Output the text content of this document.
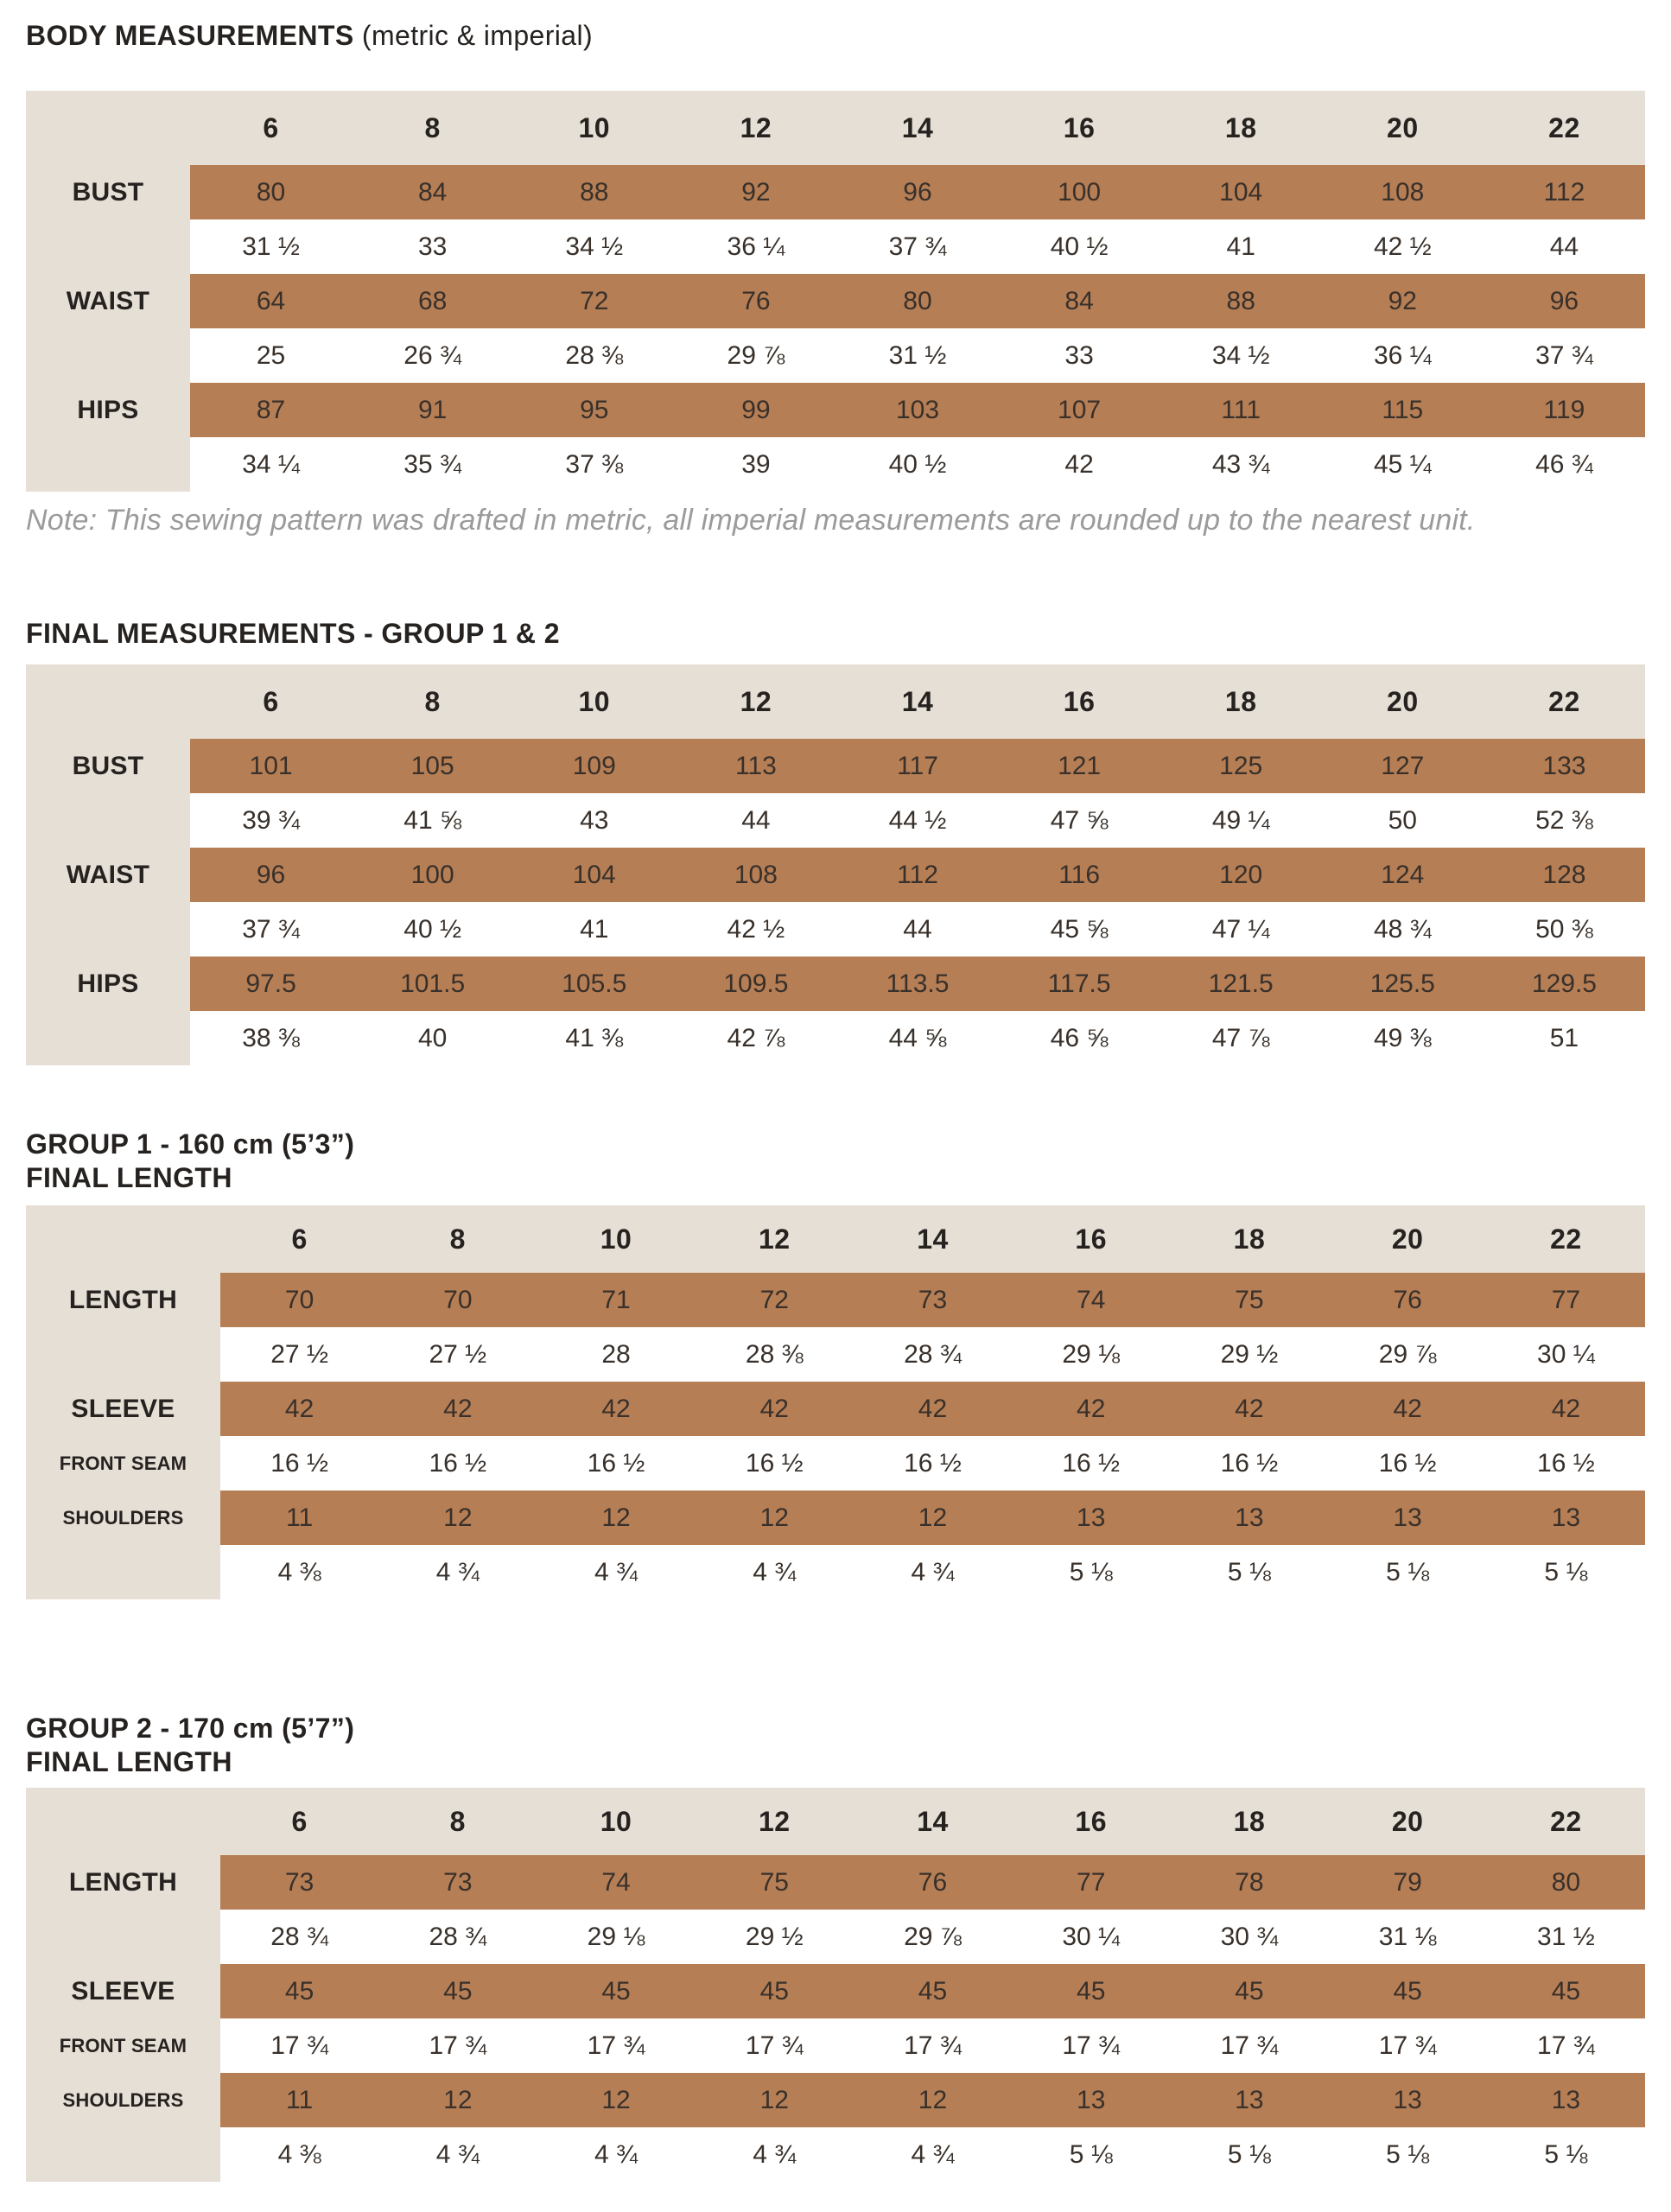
BODY MEASUREMENTS (metric & imperial)
6	8	10	12	14	16	18	20	22
BUST	80	84	88	92	96	100	104	108	112
31 ½	33	34 ½	36 ¼	37 ¾	40 ½	41	42 ½	44
WAIST	64	68	72	76	80	84	88	92	96
25	26 ¾	28 ⅜	29 ⅞	31 ½	33	34 ½	36 ¼	37 ¾
HIPS	87	91	95	99	103	107	111	115	119
34 ¼	35 ¾	37 ⅜	39	40 ½	42	43 ¾	45 ¼	46 ¾

Note: This sewing pattern was drafted in metric, all imperial measurements are rounded up to the nearest unit.

FINAL MEASUREMENTS - GROUP 1 & 2
6	8	10	12	14	16	18	20	22
BUST	101	105	109	113	117	121	125	127	133
39 ¾	41 ⅝	43	44	44 ½	47 ⅝	49 ¼	50	52 ⅜
WAIST	96	100	104	108	112	116	120	124	128
37 ¾	40 ½	41	42 ½	44	45 ⅝	47 ¼	48 ¾	50 ⅜
HIPS	97.5	101.5	105.5	109.5	113.5	117.5	121.5	125.5	129.5
38 ⅜	40	41 ⅜	42 ⅞	44 ⅝	46 ⅝	47 ⅞	49 ⅜	51
GROUP 1 - 160 cm (5’3”)
FINAL LENGTH
6	8	10	12	14	16	18	20	22
LENGTH	70	70	71	72	73	74	75	76	77
27 ½	27 ½	28	28 ⅜	28 ¾	29 ⅛	29 ½	29 ⅞	30 ¼
SLEEVE	42	42	42	42	42	42	42	42	42
FRONT SEAM	16 ½	16 ½	16 ½	16 ½	16 ½	16 ½	16 ½	16 ½	16 ½
SHOULDERS	11	12	12	12	12	13	13	13	13
4 ⅜	4 ¾	4 ¾	4 ¾	4 ¾	5 ⅛	5 ⅛	5 ⅛	5 ⅛
GROUP 2 - 170 cm (5’7”)
FINAL LENGTH
6	8	10	12	14	16	18	20	22
LENGTH	73	73	74	75	76	77	78	79	80
28 ¾	28 ¾	29 ⅛	29 ½	29 ⅞	30 ¼	30 ¾	31 ⅛	31 ½
SLEEVE	45	45	45	45	45	45	45	45	45
FRONT SEAM	17 ¾	17 ¾	17 ¾	17 ¾	17 ¾	17 ¾	17 ¾	17 ¾	17 ¾
SHOULDERS	11	12	12	12	12	13	13	13	13
4 ⅜	4 ¾	4 ¾	4 ¾	4 ¾	5 ⅛	5 ⅛	5 ⅛	5 ⅛
